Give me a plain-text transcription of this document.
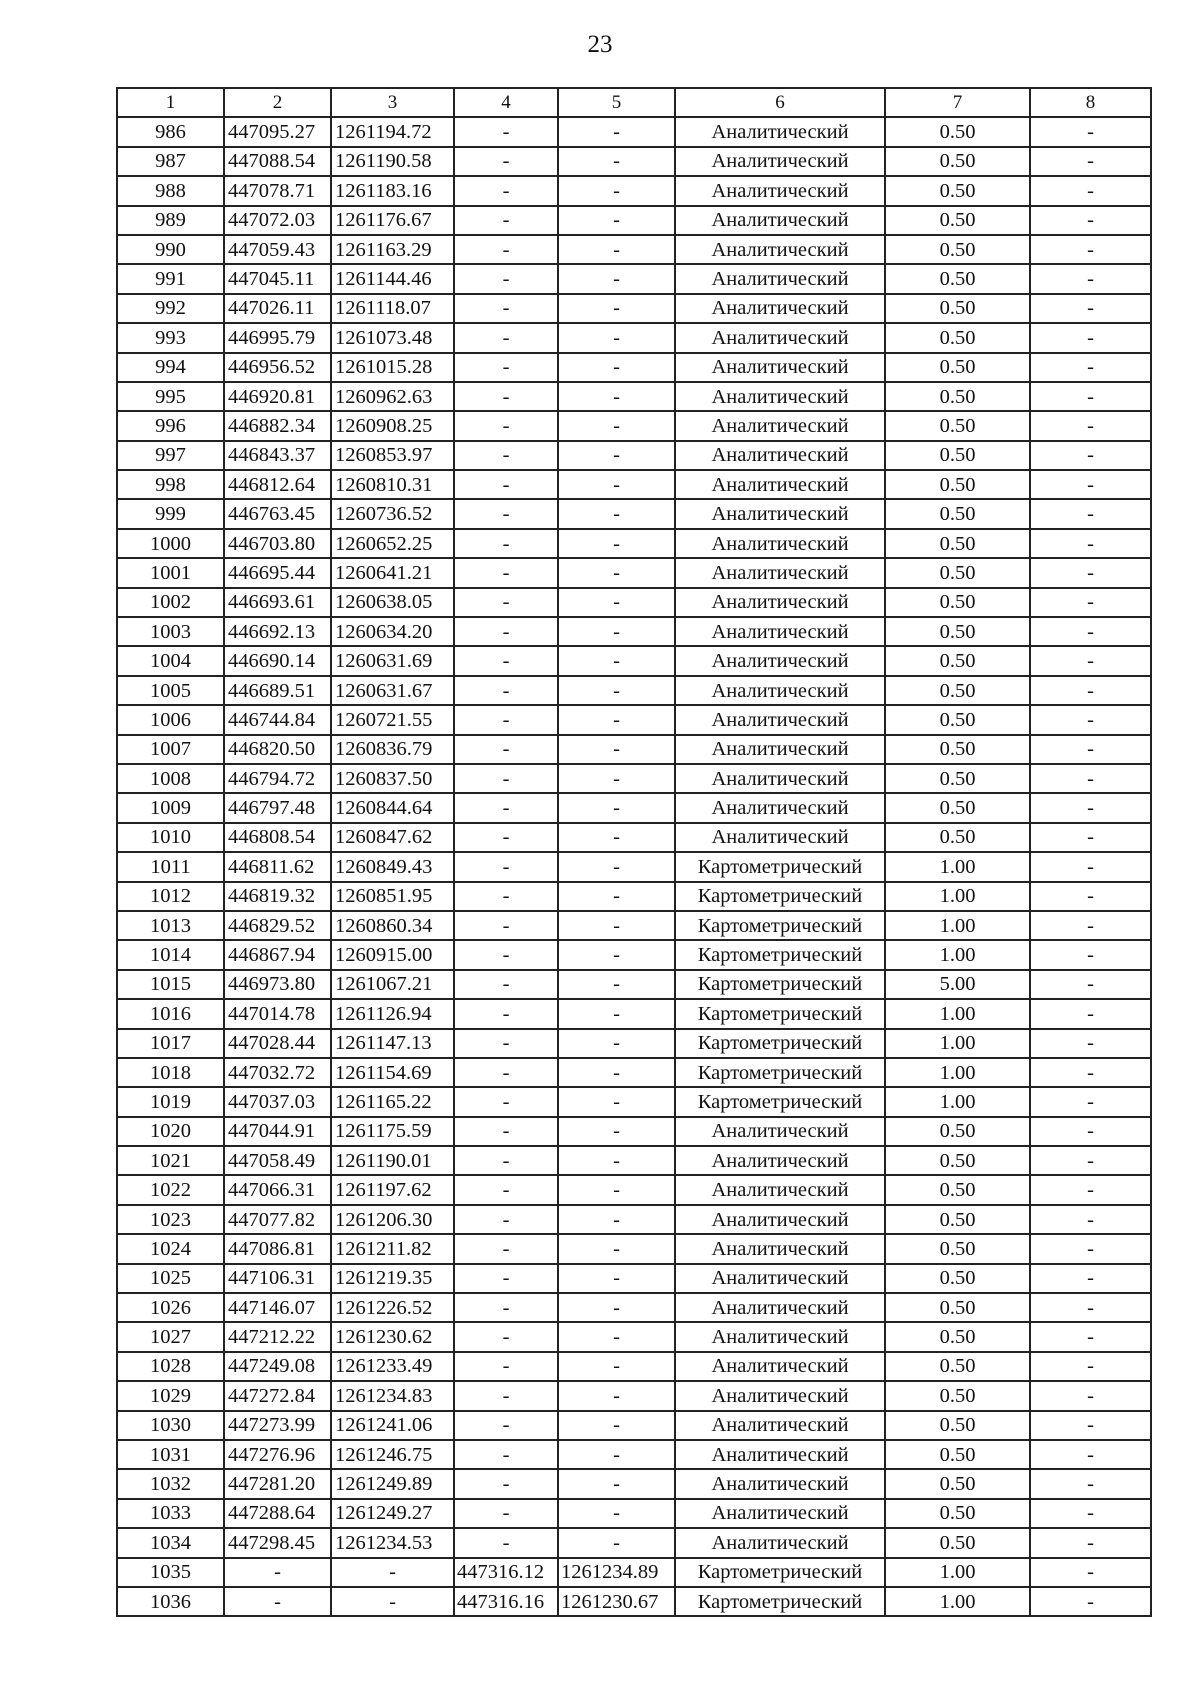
23
1	2	3	4	5	6	7	8
986	447095.27	1261194.72	-	-	Аналитический	0.50	-
987	447088.54	1261190.58	-	-	Аналитический	0.50	-
988	447078.71	1261183.16	-	-	Аналитический	0.50	-
989	447072.03	1261176.67	-	-	Аналитический	0.50	-
990	447059.43	1261163.29	-	-	Аналитический	0.50	-
991	447045.11	1261144.46	-	-	Аналитический	0.50	-
992	447026.11	1261118.07	-	-	Аналитический	0.50	-
993	446995.79	1261073.48	-	-	Аналитический	0.50	-
994	446956.52	1261015.28	-	-	Аналитический	0.50	-
995	446920.81	1260962.63	-	-	Аналитический	0.50	-
996	446882.34	1260908.25	-	-	Аналитический	0.50	-
997	446843.37	1260853.97	-	-	Аналитический	0.50	-
998	446812.64	1260810.31	-	-	Аналитический	0.50	-
999	446763.45	1260736.52	-	-	Аналитический	0.50	-
1000	446703.80	1260652.25	-	-	Аналитический	0.50	-
1001	446695.44	1260641.21	-	-	Аналитический	0.50	-
1002	446693.61	1260638.05	-	-	Аналитический	0.50	-
1003	446692.13	1260634.20	-	-	Аналитический	0.50	-
1004	446690.14	1260631.69	-	-	Аналитический	0.50	-
1005	446689.51	1260631.67	-	-	Аналитический	0.50	-
1006	446744.84	1260721.55	-	-	Аналитический	0.50	-
1007	446820.50	1260836.79	-	-	Аналитический	0.50	-
1008	446794.72	1260837.50	-	-	Аналитический	0.50	-
1009	446797.48	1260844.64	-	-	Аналитический	0.50	-
1010	446808.54	1260847.62	-	-	Аналитический	0.50	-
1011	446811.62	1260849.43	-	-	Картометрический	1.00	-
1012	446819.32	1260851.95	-	-	Картометрический	1.00	-
1013	446829.52	1260860.34	-	-	Картометрический	1.00	-
1014	446867.94	1260915.00	-	-	Картометрический	1.00	-
1015	446973.80	1261067.21	-	-	Картометрический	5.00	-
1016	447014.78	1261126.94	-	-	Картометрический	1.00	-
1017	447028.44	1261147.13	-	-	Картометрический	1.00	-
1018	447032.72	1261154.69	-	-	Картометрический	1.00	-
1019	447037.03	1261165.22	-	-	Картометрический	1.00	-
1020	447044.91	1261175.59	-	-	Аналитический	0.50	-
1021	447058.49	1261190.01	-	-	Аналитический	0.50	-
1022	447066.31	1261197.62	-	-	Аналитический	0.50	-
1023	447077.82	1261206.30	-	-	Аналитический	0.50	-
1024	447086.81	1261211.82	-	-	Аналитический	0.50	-
1025	447106.31	1261219.35	-	-	Аналитический	0.50	-
1026	447146.07	1261226.52	-	-	Аналитический	0.50	-
1027	447212.22	1261230.62	-	-	Аналитический	0.50	-
1028	447249.08	1261233.49	-	-	Аналитический	0.50	-
1029	447272.84	1261234.83	-	-	Аналитический	0.50	-
1030	447273.99	1261241.06	-	-	Аналитический	0.50	-
1031	447276.96	1261246.75	-	-	Аналитический	0.50	-
1032	447281.20	1261249.89	-	-	Аналитический	0.50	-
1033	447288.64	1261249.27	-	-	Аналитический	0.50	-
1034	447298.45	1261234.53	-	-	Аналитический	0.50	-
1035	-	-	447316.12	1261234.89	Картометрический	1.00	-
1036	-	-	447316.16	1261230.67	Картометрический	1.00	-
